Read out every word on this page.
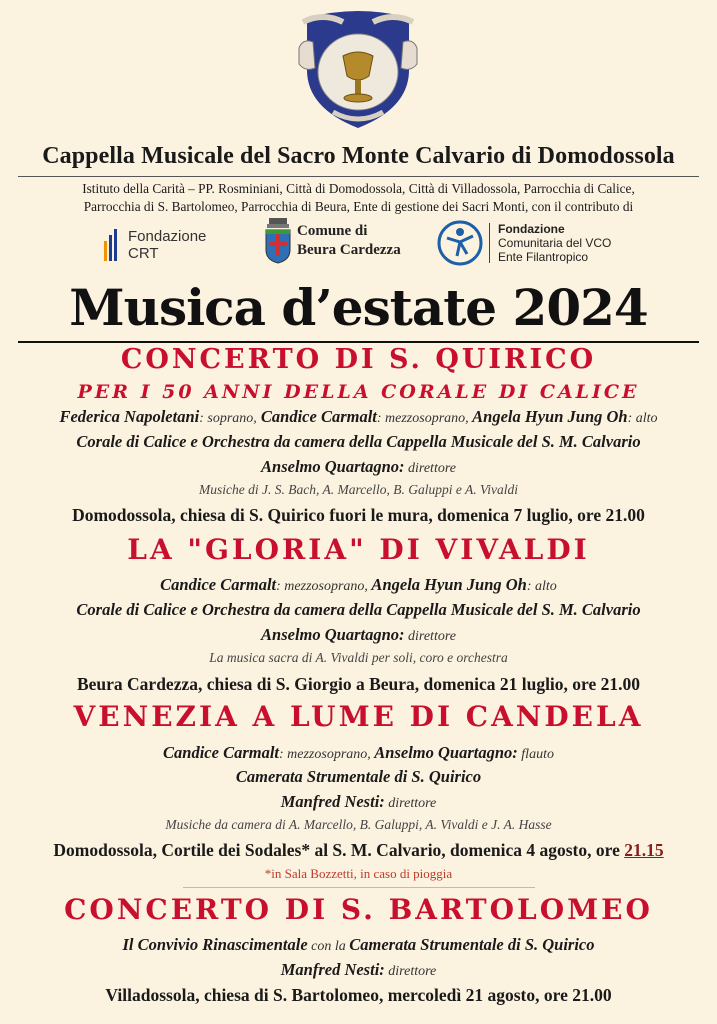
Cappella Musicale del Sacro Monte Calvario di Domodossola
Istituto della Carità – PP. Rosminiani, Città di Domodossola, Città di Villadossola, Parrocchia di Calice,
Parrocchia di S. Bartolomeo, Parrocchia di Beura, Ente di gestione dei Sacri Monti, con il contributo di
Fondazione
CRT
Comune di
Beura Cardezza
Fondazione
Comunitaria del VCO
Ente Filantropico
Musica d’estate 2024
CONCERTO DI S. QUIRICO
PER I 50 ANNI DELLA CORALE DI CALICE
Federica Napoletani: soprano, Candice Carmalt: mezzosoprano, Angela Hyun Jung Oh: alto
Corale di Calice e Orchestra da camera della Cappella Musicale del S. M. Calvario
Anselmo Quartagno: direttore
Musiche di J. S. Bach, A. Marcello, B. Galuppi e A. Vivaldi
Domodossola, chiesa di S. Quirico fuori le mura, domenica 7 luglio, ore 21.00
LA "GLORIA" DI VIVALDI
Candice Carmalt: mezzosoprano, Angela Hyun Jung Oh: alto
Corale di Calice e Orchestra da camera della Cappella Musicale del S. M. Calvario
Anselmo Quartagno: direttore
La musica sacra di A. Vivaldi per soli, coro e orchestra
Beura Cardezza, chiesa di S. Giorgio a Beura, domenica 21 luglio, ore 21.00
VENEZIA A LUME DI CANDELA
Candice Carmalt: mezzosoprano, Anselmo Quartagno: flauto
Camerata Strumentale di S. Quirico
Manfred Nesti: direttore
Musiche da camera di A. Marcello, B. Galuppi, A. Vivaldi e J. A. Hasse
Domodossola, Cortile dei Sodales* al S. M. Calvario, domenica 4 agosto, ore 21.15
*in Sala Bozzetti, in caso di pioggia
CONCERTO DI S. BARTOLOMEO
Il Convivio Rinascimentale con la Camerata Strumentale di S. Quirico
Manfred Nesti: direttore
Villadossola, chiesa di S. Bartolomeo, mercoledì 21 agosto, ore 21.00
